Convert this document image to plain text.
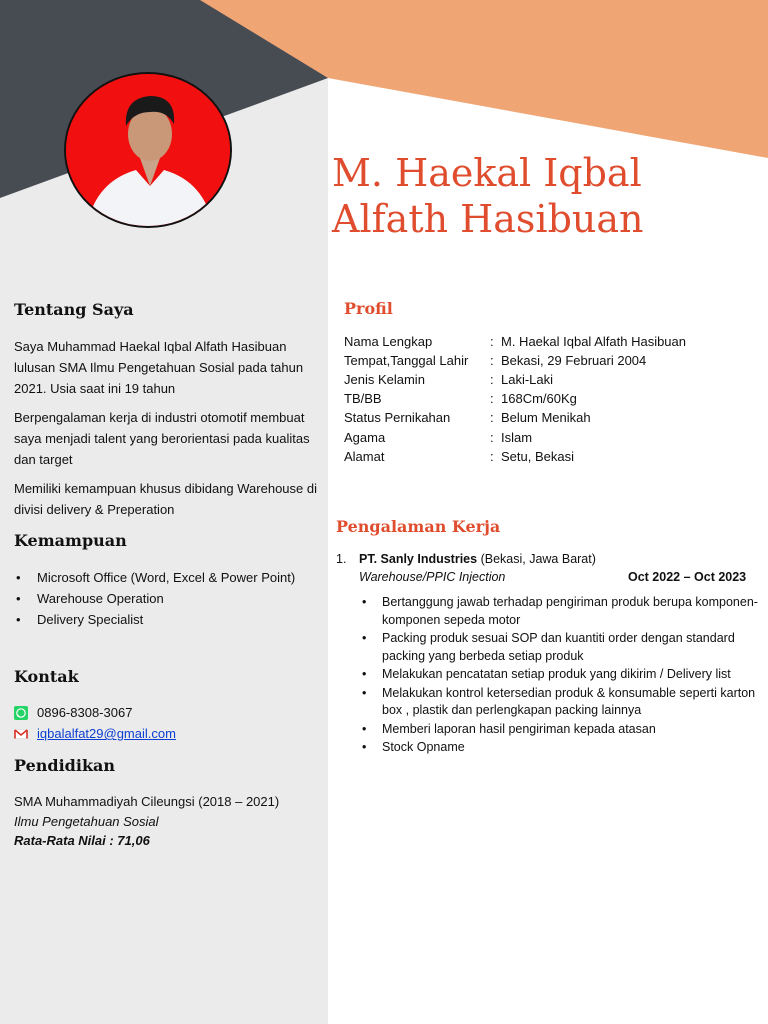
M. Haekal Iqbal
Alfath Hasibuan
Tentang Saya
Saya Muhammad Haekal Iqbal Alfath Hasibuan lulusan SMA Ilmu Pengetahuan Sosial pada tahun 2021. Usia saat ini 19 tahun
Berpengalaman kerja di industri otomotif membuat saya menjadi talent yang berorientasi pada kualitas dan target
Memiliki kemampuan khusus dibidang Warehouse di divisi delivery & Preperation
Kemampuan
• Microsoft Office (Word, Excel & Power Point)
• Warehouse Operation
• Delivery Specialist
Kontak
0896-8308-3067
iqbalalfat29@gmail.com
Pendidikan
SMA Muhammadiyah Cileungsi (2018 – 2021)
Ilmu Pengetahuan Sosial
Rata-Rata Nilai : 71,06
Profil
Nama Lengkap	: M. Haekal Iqbal Alfath Hasibuan
Tempat,Tanggal Lahir	: Bekasi, 29 Februari 2004
Jenis Kelamin	: Laki-Laki
TB/BB	: 168Cm/60Kg
Status Pernikahan	: Belum Menikah
Agama	: Islam
Alamat	: Setu, Bekasi
Pengalaman Kerja
1. PT. Sanly Industries (Bekasi, Jawa Barat)
Warehouse/PPIC Injection	Oct 2022 – Oct 2023
• Bertanggung jawab terhadap pengiriman produk berupa komponen-komponen sepeda motor
• Packing produk sesuai SOP dan kuantiti order dengan standard packing yang berbeda setiap produk
• Melakukan pencatatan setiap produk yang dikirim / Delivery list
• Melakukan kontrol ketersedian produk & konsumable seperti karton box , plastik dan perlengkapan packing lainnya
• Memberi laporan hasil pengiriman kepada atasan
• Stock Opname
